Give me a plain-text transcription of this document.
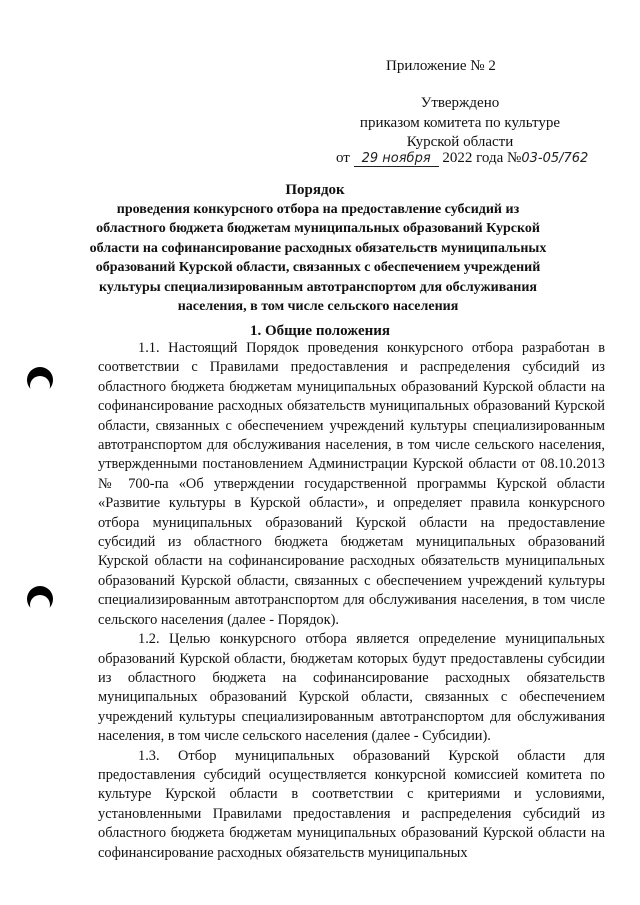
Приложение № 2
Утверждено
приказом комитета по культуре
Курской области
от 29 ноября 2022 года №03-05/762
Порядок

проведения конкурсного отбора на предоставление субсидий из областного бюджета бюджетам муниципальных образований Курской области на софинансирование расходных обязательств муниципальных образований Курской области, связанных с обеспечением учреждений культуры специализированным автотранспортом для обслуживания населения, в том числе сельского населения

1. Общие положения

1.1. Настоящий Порядок проведения конкурсного отбора разработан в соответствии с Правилами предоставления и распределения субсидий из областного бюджета бюджетам муниципальных образований Курской области на софинансирование расходных обязательств муниципальных образований Курской области, связанных с обеспечением учреждений культуры специализированным автотранспортом для обслуживания населения, в том числе сельского населения, утвержденными постановлением Администрации Курской области от 08.10.2013 № 700-па «Об утверждении государственной программы Курской области «Развитие культуры в Курской области», и определяет правила конкурсного отбора муниципальных образований Курской области на предоставление субсидий из областного бюджета бюджетам муниципальных образований Курской области на софинансирование расходных обязательств муниципальных образований Курской области, связанных с обеспечением учреждений культуры специализированным автотранспортом для обслуживания населения, в том числе сельского населения (далее - Порядок).

1.2. Целью конкурсного отбора является определение муниципальных образований Курской области, бюджетам которых будут предоставлены субсидии из областного бюджета на софинансирование расходных обязательств муниципальных образований Курской области, связанных с обеспечением учреждений культуры специализированным автотранспортом для обслуживания населения, в том числе сельского населения (далее - Субсидии).

1.3. Отбор муниципальных образований Курской области для предоставления субсидий осуществляется конкурсной комиссией комитета по культуре Курской области в соответствии с критериями и условиями, установленными Правилами предоставления и распределения субсидий из областного бюджета бюджетам муниципальных образований Курской области на софинансирование расходных обязательств муниципальных
